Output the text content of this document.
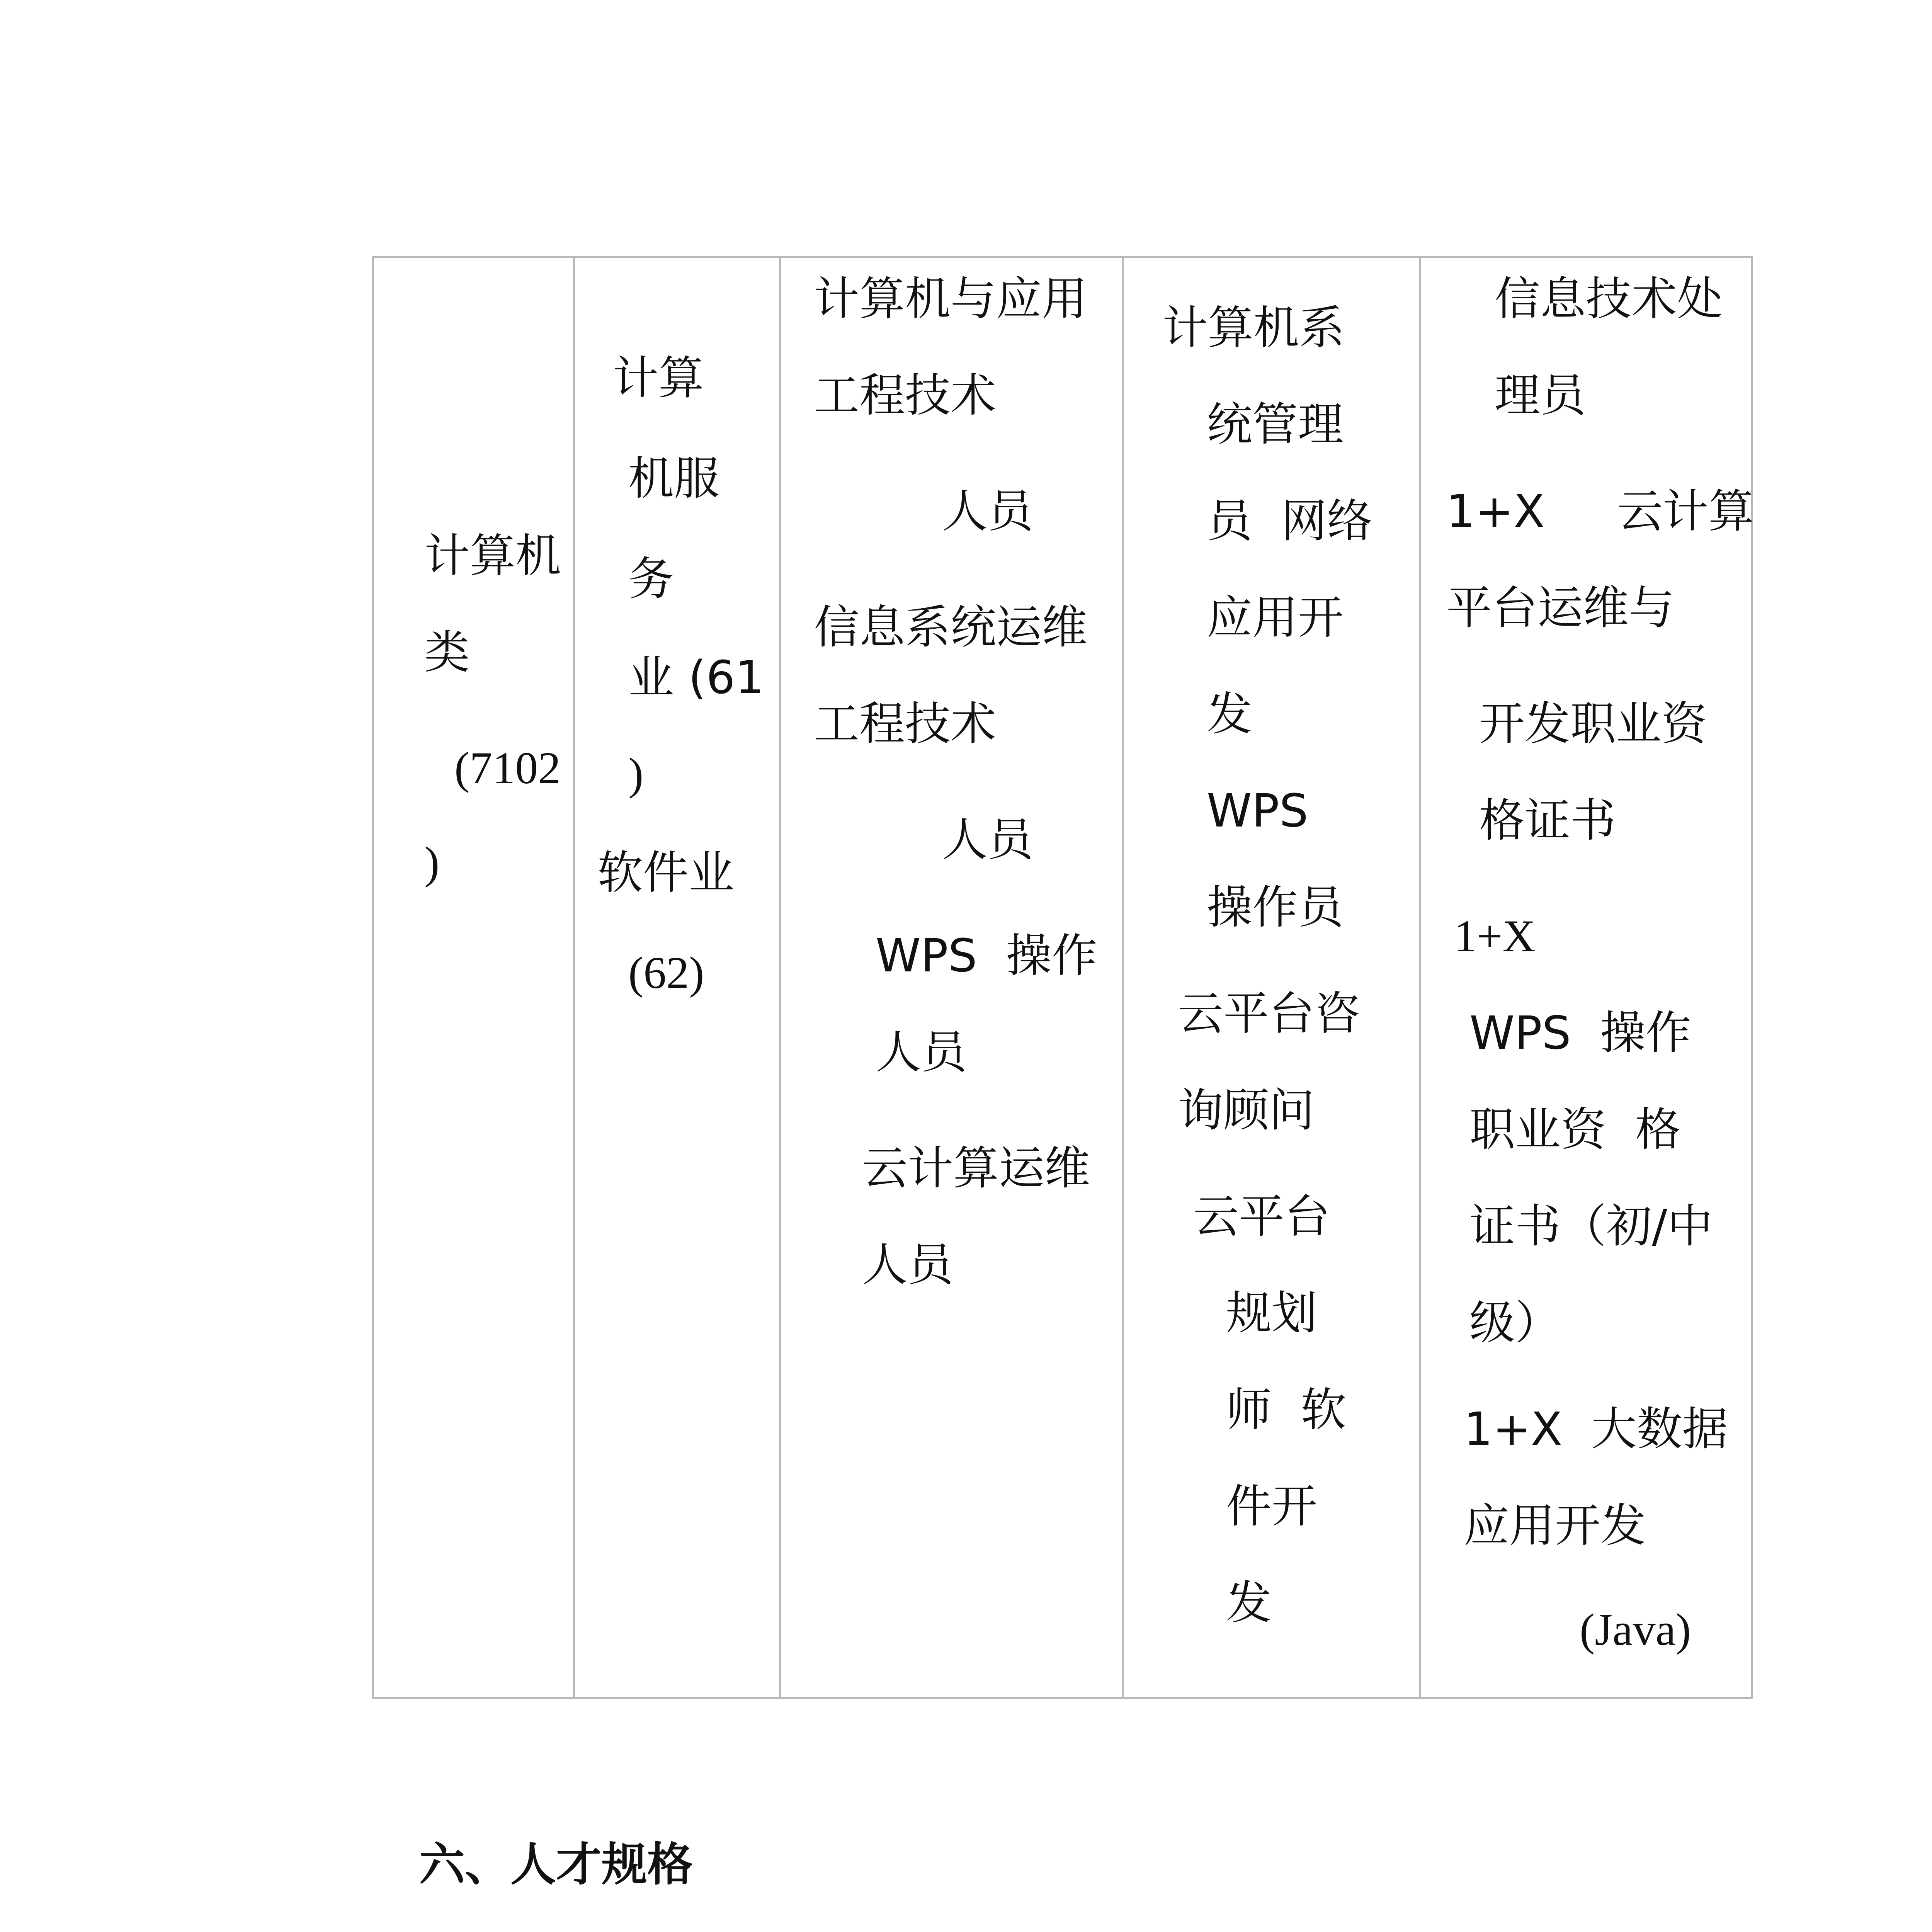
计算机
类
(7102
)

计算
机服
务
业 (61
)
软件业
(62)

计算机与应用
工程技术
人员
信息系统运维
工程技术
人员
WPS  操作
人员
云计算运维
人员

计算机系
统管理
员  网络
应用开
发
WPS
操作员
云平台咨
询顾问
云平台
规划
师  软
件开
发

信息技术处
理员
1+X     云计算
平台运维与
开发职业资
格证书
1+X
WPS  操作
职业资  格
证书（初/中
级）
1+X  大数据
应用开发
(Java)
六、人才规格
